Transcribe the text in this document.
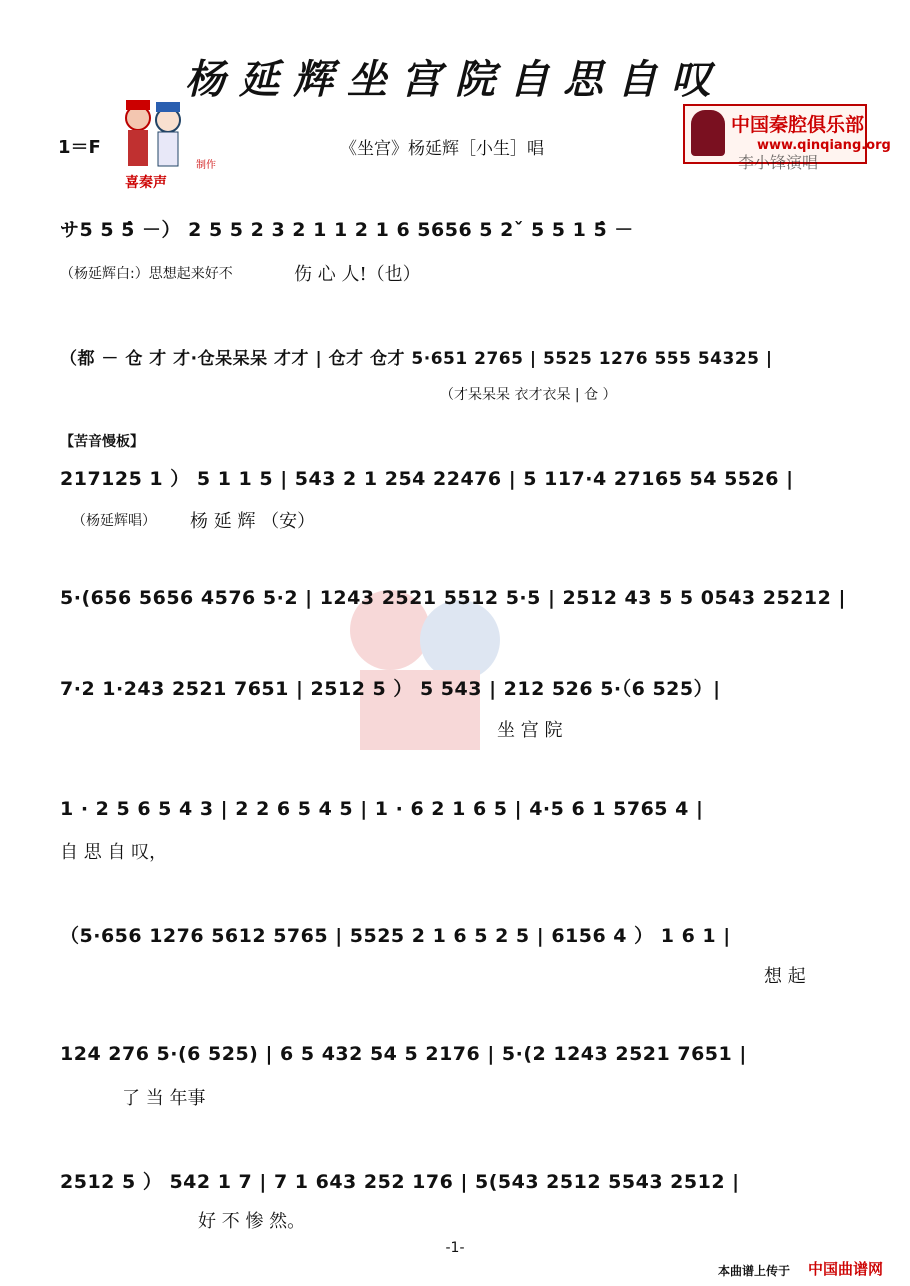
杨延辉坐宫院自思自叹
喜秦声
制作
1＝F	《坐宫》杨延辉［小生］唱
中国秦腔俱乐部
www.qinqiang.org
李小锋演唱
サ5 5 5̂ －） 2 5 5 2 3 2 1 1 2 1 6 5656 5 2ˇ 5 5 1 5̂ －
（杨延辉白:）思想起来好不	伤 心 人!（也）
（都 － 仓 才 才·仓呆呆呆 才才 | 仓才 仓才 5·651 2765 | 5525 1276 555 54325 |
（才呆呆呆 衣才衣呆 | 仓 ）
【苦音慢板】
217125 1 ） 5 1 1 5 | 543 2 1 254 22476 | 5 117·4 27165 54 5526 |
（杨延辉唱） 杨 延 辉 （安）
5·(656 5656 4576 5·2 | 1243 2521 5512 5·5 | 2512 43 5 5 0543 25212 |
7·2 1·243 2521 7651 | 2512 5 ） 5 543 | 212 526 5·（6 525）|
坐 宫 院
1 · 2 5 6 5 4 3 | 2 2 6 5 4 5 | 1 · 6 2 1 6 5 | 4·5 6 1 5765 4 |
自 思 自 叹，
（5·656 1276 5612 5765 | 5525 2 1 6 5 2 5 | 6156 4 ） 1 6 1 |
想 起
124 276 5·(6 525) | 6 5 432 54 5 2176 | 5·(2 1243 2521 7651 |
了 当 年事
2512 5 ） 542 1 7 | 7 1 643 252 176 | 5(543 2512 5543 2512 |
好 不 惨 然。
-1-
本曲谱上传于 中国曲谱网
